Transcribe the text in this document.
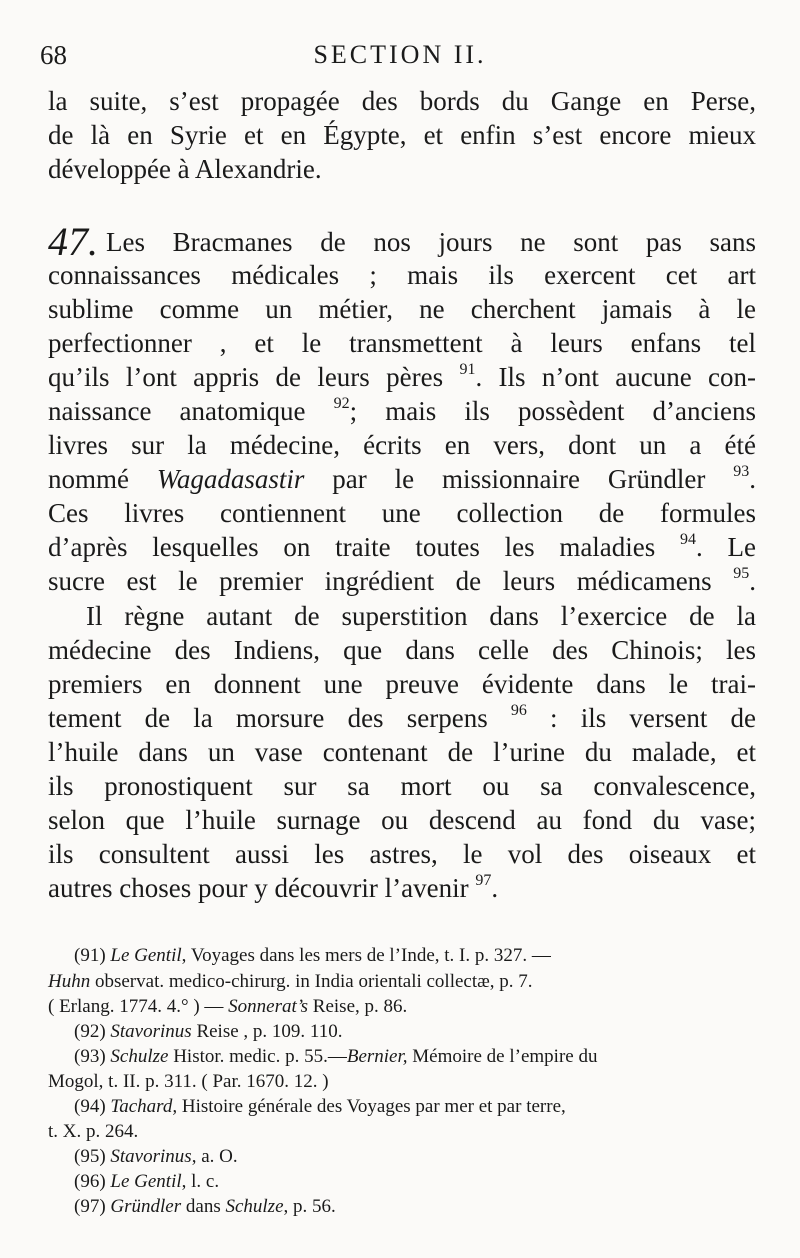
68	SECTION II.
la suite, s’est propagée des bords du Gange en Perse,
de là en Syrie et en Égypte, et enfin s’est encore mieux
développée à Alexandrie.
47. Les Bracmanes de nos jours ne sont pas sans
connaissances médicales ; mais ils exercent cet art
sublime comme un métier, ne cherchent jamais à le
perfectionner , et le transmettent à leurs enfans tel
qu’ils l’ont appris de leurs pères $^{91}$. Ils n’ont aucune con-
naissance anatomique $^{92}$; mais ils possèdent d’anciens
livres sur la médecine, écrits en vers, dont un a été
nommé Wagadasastir par le missionnaire Gründler $^{93}$.
Ces livres contiennent une collection de formules
d’après lesquelles on traite toutes les maladies $^{94}$. Le
sucre est le premier ingrédient de leurs médicamens $^{95}$.
Il règne autant de superstition dans l’exercice de la
médecine des Indiens, que dans celle des Chinois; les
premiers en donnent une preuve évidente dans le trai-
tement de la morsure des serpens $^{96}$ : ils versent de
l’huile dans un vase contenant de l’urine du malade, et
ils pronostiquent sur sa mort ou sa convalescence,
selon que l’huile surnage ou descend au fond du vase;
ils consultent aussi les astres, le vol des oiseaux et
autres choses pour y découvrir l’avenir $^{97}$.
(91) Le Gentil, Voyages dans les mers de l’Inde, t. I. p. 327. —
Huhn observat. medico-chirurg. in India orientali collectæ, p. 7.
( Erlang. 1774. 4.° ) — Sonnerat’s Reise, p. 86.
(92) Stavorinus Reise , p. 109. 110.
(93) Schulze Histor. medic. p. 55.—Bernier, Mémoire de l’empire du
Mogol, t. II. p. 311. ( Par. 1670. 12. )
(94) Tachard, Histoire générale des Voyages par mer et par terre,
t. X. p. 264.
(95) Stavorinus, a. O.
(96) Le Gentil, l. c.
(97) Gründler dans Schulze, p. 56.
